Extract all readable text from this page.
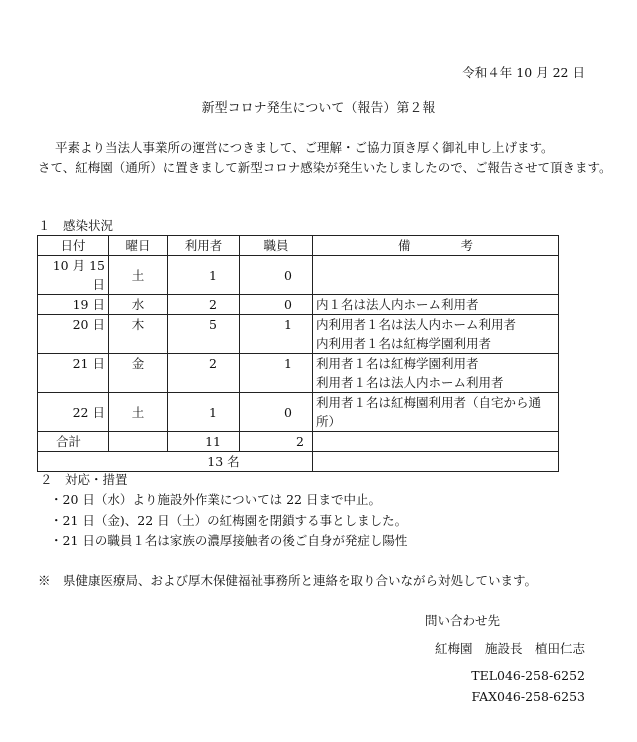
令和４年 10 月 22 日
新型コロナ発生について（報告）第２報
平素より当法人事業所の運営につきまして、ご理解・ご協力頂き厚く御礼申し上げます。
さて、紅梅園（通所）に置きまして新型コロナ感染が発生いたしましたので、ご報告させて頂きます。
１　感染状況
日付	曜日	利用者	職員	備　　　　考
10 月 15 日	土	1	0	
19 日	水	2	0	内１名は法人内ホーム利用者

20 日	木	5	1	内利用者１名は法人内ホーム利用者
内利用者１名は紅梅学園利用者

21 日	金	2	1	利用者１名は紅梅学園利用者
利用者１名は法人内ホーム利用者

22 日	土	1	0	利用者１名は紅梅園利用者（自宅から通所）

合計		11	2	
13 名				
２　対応・措置
・20 日（水）より施設外作業については 22 日まで中止。
・21 日（金)、22 日（土）の紅梅園を閉鎖する事としました。
・21 日の職員１名は家族の濃厚接触者の後ご自身が発症し陽性
※　県健康医療局、および厚木保健福祉事務所と連絡を取り合いながら対処しています。
問い合わせ先
紅梅園　施設長　植田仁志
TEL046-258-6252
FAX046-258-6253
